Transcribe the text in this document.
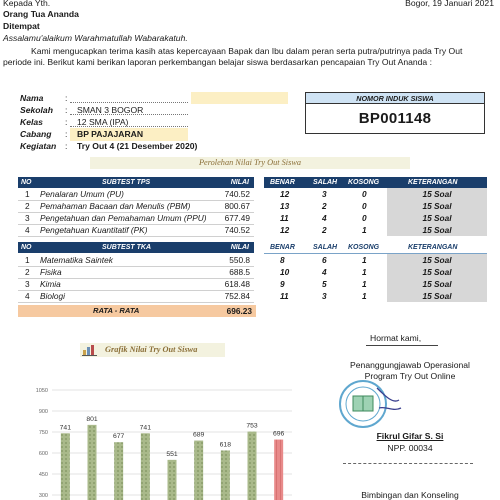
Kepada Yth.	Bogor, 19 Januari 2021
Orang Tua Ananda
Ditempat
Assalamu'alaikum Warahmatullah Wabarakatuh.
Kami mengucapkan terima kasih atas kepercayaan Bapak dan Ibu dalam peran serta putra/putrinya pada Try Out periode ini. Berikut kami berikan laporan perkembangan belajar siswa berdasarkan pencapaian Try Out Ananda :
Nama	:
Sekolah	:	SMAN 3 BOGOR
Kelas	:	12 SMA (IPA)
Cabang	:	BP PAJAJARAN
Kegiatan	:	Try Out 4 (21 Desember 2020)
NOMOR INDUK SISWA
BP001148
Perolehan Nilai Try Out Siswa
NO	SUBTEST TPS	NILAI	BENAR	SALAH KOSONG	KETERANGAN
1 Penalaran Umum (PU)	740.52	12	3	0	15 Soal
2 Pemahaman Bacaan dan Menulis (PBM)	800.67	13	2	0	15 Soal
3 Pengetahuan dan Pemahaman Umum (PPU) 677.49	11	4	0	15 Soal
4 Pengetahuan Kuantitatif (PK)	740.52	12	2	1	15 Soal
NO	SUBTEST TKA	NILAI	BENAR	SALAH KOSONG	KETERANGAN
1 Matematika Saintek	550.8	8	6	1	15 Soal
2 Fisika	688.5	10	4	1	15 Soal
3 Kimia	618.48	9	5	1	15 Soal
4 Biologi	752.84	11	3	1	15 Soal
RATA - RATA	696.23
Grafik Nilai Try Out Siswa
1050
900
750
600
450
300
741
801
677
741
551
689
618
753
696
Hormat kami,
Penanggungjawab Operasional
Program Try Out Online
Fikrul Gifar S. Si
NPP. 00034
Bimbingan dan Konseling
